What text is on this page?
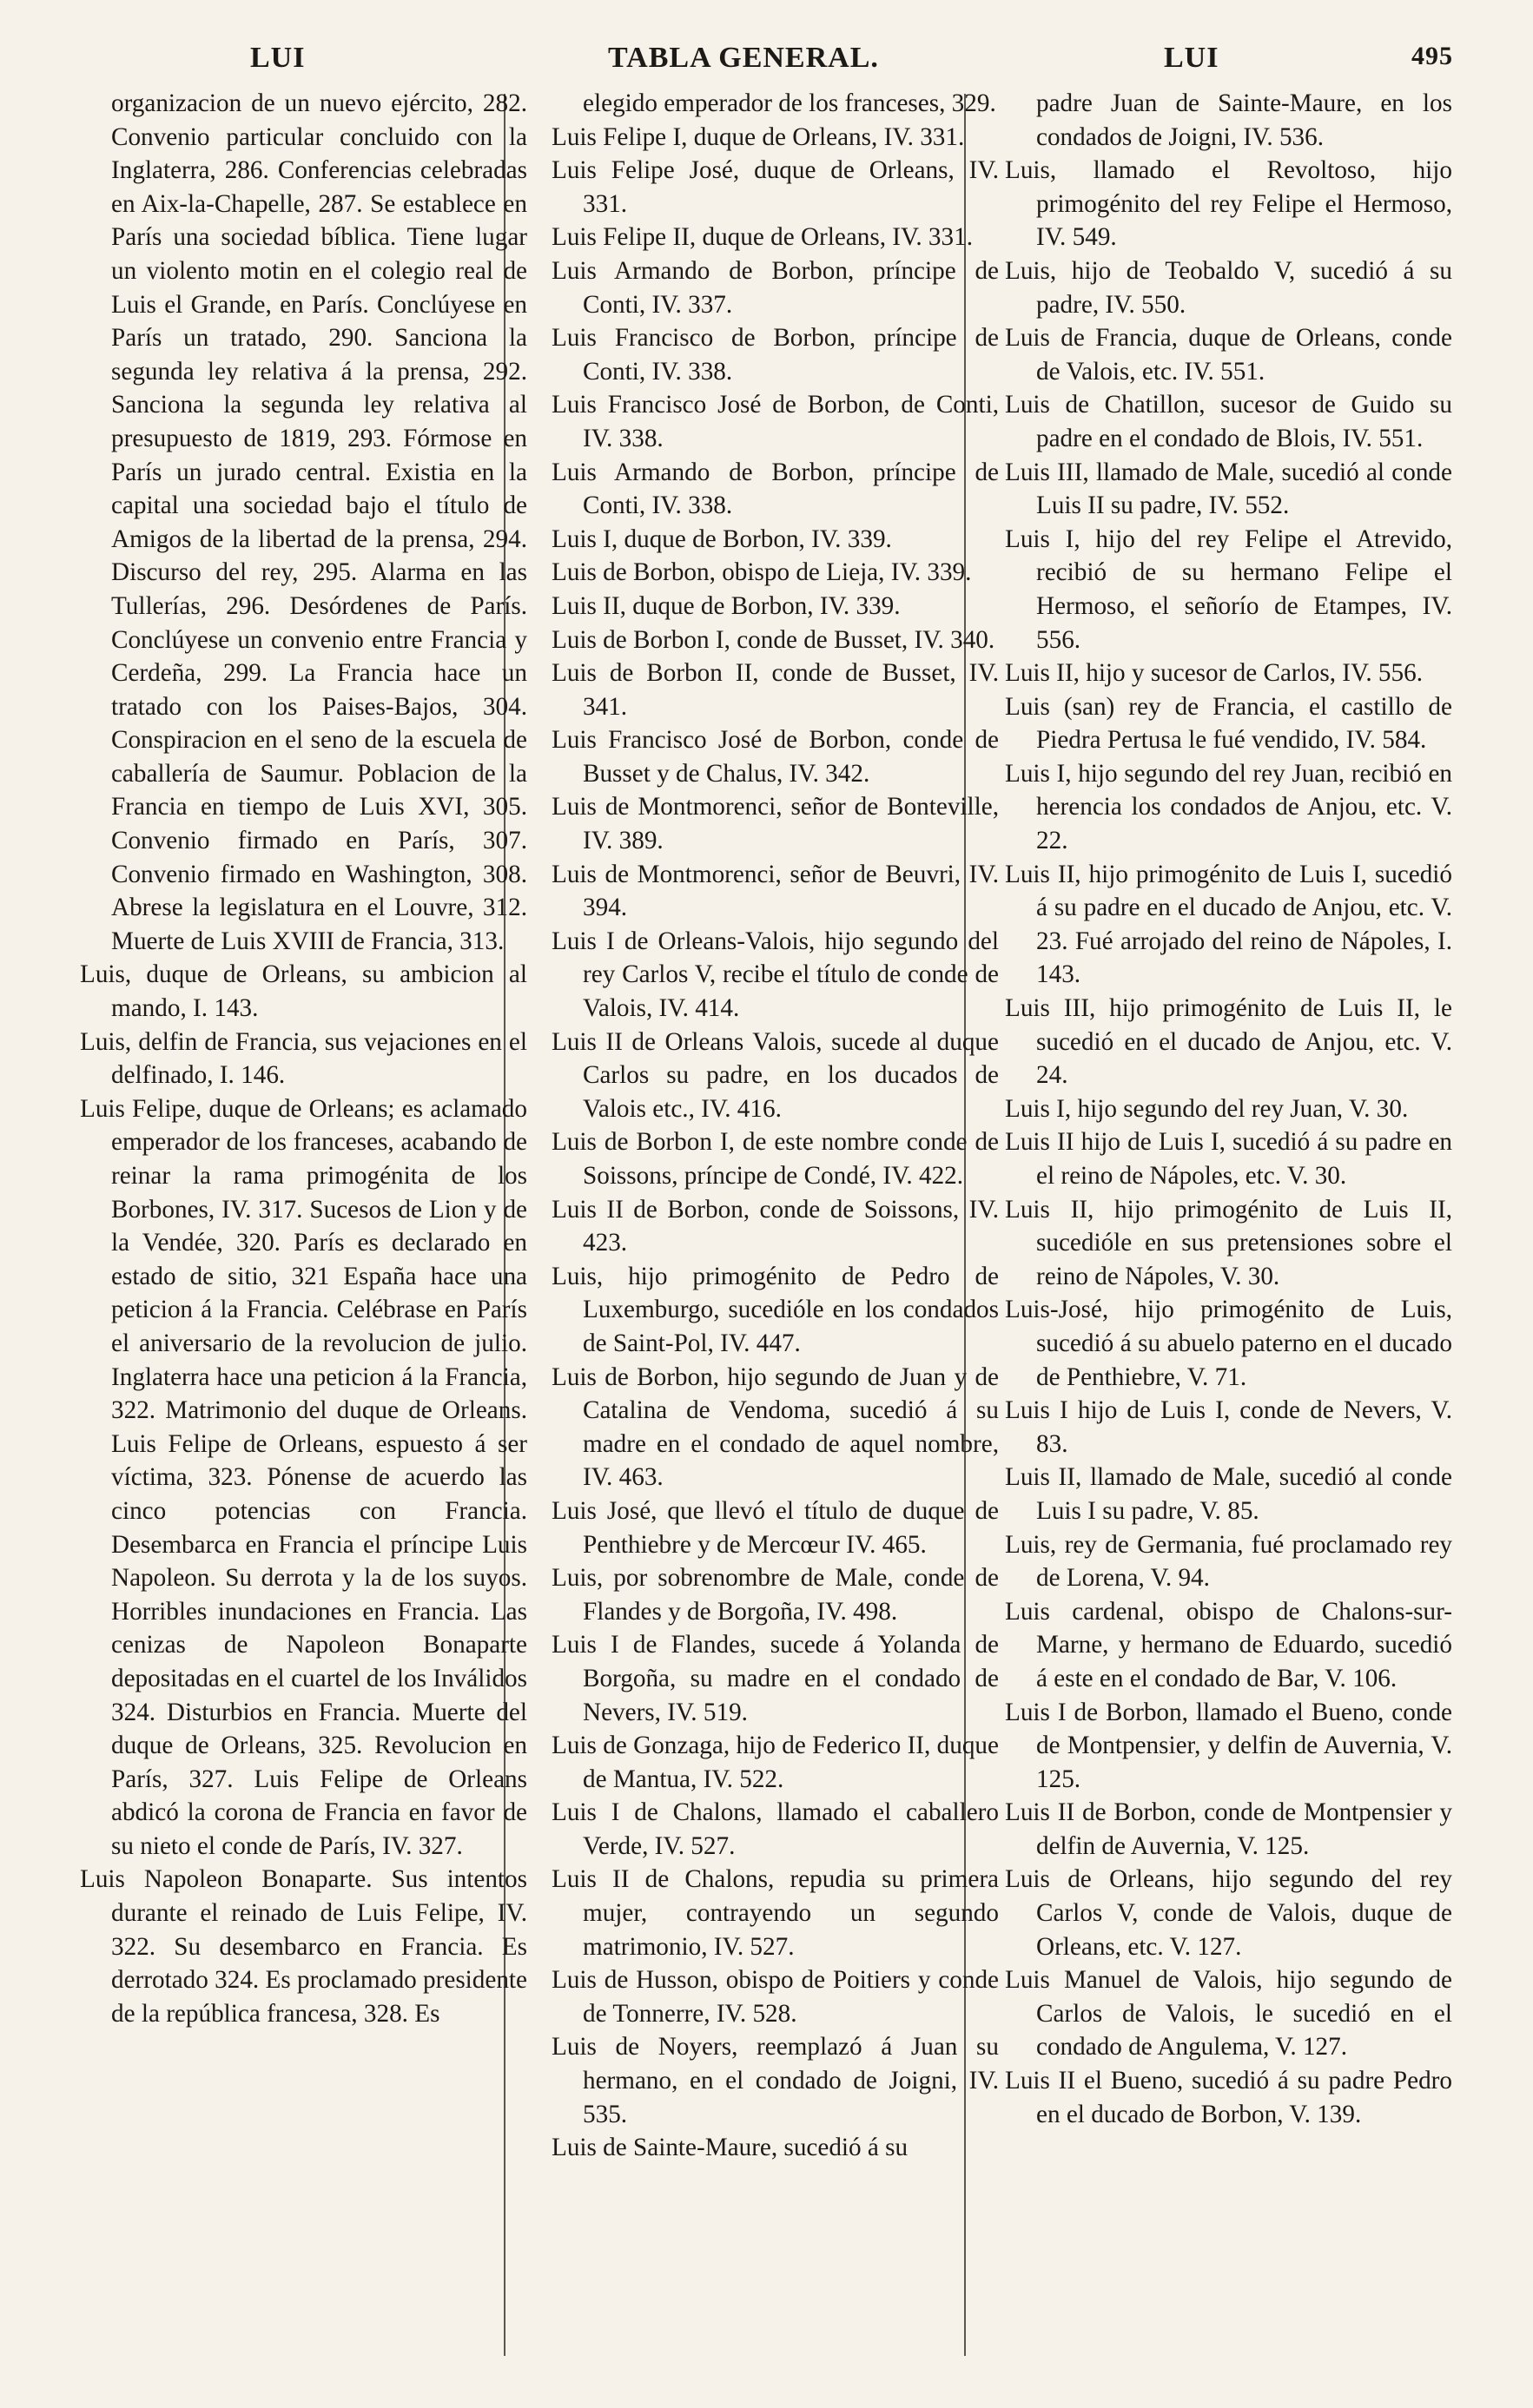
LUI	TABLA GENERAL.	LUI	495

organizacion de un nuevo ejército, 282. Convenio particular concluido con la Inglaterra, 286. Conferencias celebradas en Aix-la-Chapelle, 287. Se establece en París una sociedad bíblica. Tiene lugar un violento motin en el colegio real de Luis el Grande, en París. Conclúyese en París un tratado, 290. Sanciona la segunda ley relativa á la prensa, 292. Sanciona la segunda ley relativa al presupuesto de 1819, 293. Fórmose en París un jurado central. Existia en la capital una sociedad bajo el título de Amigos de la libertad de la prensa, 294. Discurso del rey, 295. Alarma en las Tullerías, 296. Desórdenes de París. Conclúyese un convenio entre Francia y Cerdeña, 299. La Francia hace un tratado con los Paises-Bajos, 304. Conspiracion en el seno de la escuela de caballería de Saumur. Poblacion de la Francia en tiempo de Luis XVI, 305. Convenio firmado en París, 307. Convenio firmado en Washington, 308. Abrese la legislatura en el Louvre, 312. Muerte de Luis XVIII de Francia, 313.

Luis, duque de Orleans, su ambicion al mando, I. 143.

Luis, delfin de Francia, sus vejaciones en el delfinado, I. 146.

Luis Felipe, duque de Orleans; es aclamado emperador de los franceses, acabando de reinar la rama primogénita de los Borbones, IV. 317. Sucesos de Lion y de la Vendée, 320. París es declarado en estado de sitio, 321 España hace una peticion á la Francia. Celébrase en París el aniversario de la revolucion de julio. Inglaterra hace una peticion á la Francia, 322. Matrimonio del duque de Orleans. Luis Felipe de Orleans, espuesto á ser víctima, 323. Pónense de acuerdo las cinco potencias con Francia. Desembarca en Francia el príncipe Luis Napoleon. Su derrota y la de los suyos. Horribles inundaciones en Francia. Las cenizas de Napoleon Bonaparte depositadas en el cuartel de los Inválidos 324. Disturbios en Francia. Muerte del duque de Orleans, 325. Revolucion en París, 327. Luis Felipe de Orleans abdicó la corona de Francia en favor de su nieto el conde de París, IV. 327.

Luis Napoleon Bonaparte. Sus intentos durante el reinado de Luis Felipe, IV. 322. Su desembarco en Francia. Es derrotado 324. Es proclamado presidente de la república francesa, 328. Es

elegido emperador de los franceses, 329.

Luis Felipe I, duque de Orleans, IV. 331.

Luis Felipe José, duque de Orleans, IV. 331.

Luis Felipe II, duque de Orleans, IV. 331.

Luis Armando de Borbon, príncipe de Conti, IV. 337.

Luis Francisco de Borbon, príncipe de Conti, IV. 338.

Luis Francisco José de Borbon, de Conti, IV. 338.

Luis Armando de Borbon, príncipe de Conti, IV. 338.

Luis I, duque de Borbon, IV. 339.

Luis de Borbon, obispo de Lieja, IV. 339.

Luis II, duque de Borbon, IV. 339.

Luis de Borbon I, conde de Busset, IV. 340.

Luis de Borbon II, conde de Busset, IV. 341.

Luis Francisco José de Borbon, conde de Busset y de Chalus, IV. 342.

Luis de Montmorenci, señor de Bonteville, IV. 389.

Luis de Montmorenci, señor de Beuvri, IV. 394.

Luis I de Orleans-Valois, hijo segundo del rey Carlos V, recibe el título de conde de Valois, IV. 414.

Luis II de Orleans Valois, sucede al duque Carlos su padre, en los ducados de Valois etc., IV. 416.

Luis de Borbon I, de este nombre conde de Soissons, príncipe de Condé, IV. 422.

Luis II de Borbon, conde de Soissons, IV. 423.

Luis, hijo primogénito de Pedro de Luxemburgo, sucedióle en los condados de Saint-Pol, IV. 447.

Luis de Borbon, hijo segundo de Juan y de Catalina de Vendoma, sucedió á su madre en el condado de aquel nombre, IV. 463.

Luis José, que llevó el título de duque de Penthiebre y de Mercœur IV. 465.

Luis, por sobrenombre de Male, conde de Flandes y de Borgoña, IV. 498.

Luis I de Flandes, sucede á Yolanda de Borgoña, su madre en el condado de Nevers, IV. 519.

Luis de Gonzaga, hijo de Federico II, duque de Mantua, IV. 522.

Luis I de Chalons, llamado el caballero Verde, IV. 527.

Luis II de Chalons, repudia su primera mujer, contrayendo un segundo matrimonio, IV. 527.

Luis de Husson, obispo de Poitiers y conde de Tonnerre, IV. 528.

Luis de Noyers, reemplazó á Juan su hermano, en el condado de Joigni, IV. 535.

Luis de Sainte-Maure, sucedió á su

padre Juan de Sainte-Maure, en los condados de Joigni, IV. 536.

Luis, llamado el Revoltoso, hijo primogénito del rey Felipe el Hermoso, IV. 549.

Luis, hijo de Teobaldo V, sucedió á su padre, IV. 550.

Luis de Francia, duque de Orleans, conde de Valois, etc. IV. 551.

Luis de Chatillon, sucesor de Guido su padre en el condado de Blois, IV. 551.

Luis III, llamado de Male, sucedió al conde Luis II su padre, IV. 552.

Luis I, hijo del rey Felipe el Atrevido, recibió de su hermano Felipe el Hermoso, el señorío de Etampes, IV. 556.

Luis II, hijo y sucesor de Carlos, IV. 556.

Luis (san) rey de Francia, el castillo de Piedra Pertusa le fué vendido, IV. 584.

Luis I, hijo segundo del rey Juan, recibió en herencia los condados de Anjou, etc. V. 22.

Luis II, hijo primogénito de Luis I, sucedió á su padre en el ducado de Anjou, etc. V. 23. Fué arrojado del reino de Nápoles, I. 143.

Luis III, hijo primogénito de Luis II, le sucedió en el ducado de Anjou, etc. V. 24.

Luis I, hijo segundo del rey Juan, V. 30.

Luis II hijo de Luis I, sucedió á su padre en el reino de Nápoles, etc. V. 30.

Luis II, hijo primogénito de Luis II, sucedióle en sus pretensiones sobre el reino de Nápoles, V. 30.

Luis-José, hijo primogénito de Luis, sucedió á su abuelo paterno en el ducado de Penthiebre, V. 71.

Luis I hijo de Luis I, conde de Nevers, V. 83.

Luis II, llamado de Male, sucedió al conde Luis I su padre, V. 85.

Luis, rey de Germania, fué proclamado rey de Lorena, V. 94.

Luis cardenal, obispo de Chalons-sur-Marne, y hermano de Eduardo, sucedió á este en el condado de Bar, V. 106.

Luis I de Borbon, llamado el Bueno, conde de Montpensier, y delfin de Auvernia, V. 125.

Luis II de Borbon, conde de Montpensier y delfin de Auvernia, V. 125.

Luis de Orleans, hijo segundo del rey Carlos V, conde de Valois, duque de Orleans, etc. V. 127.

Luis Manuel de Valois, hijo segundo de Carlos de Valois, le sucedió en el condado de Angulema, V. 127.

Luis II el Bueno, sucedió á su padre Pedro en el ducado de Borbon, V. 139.
